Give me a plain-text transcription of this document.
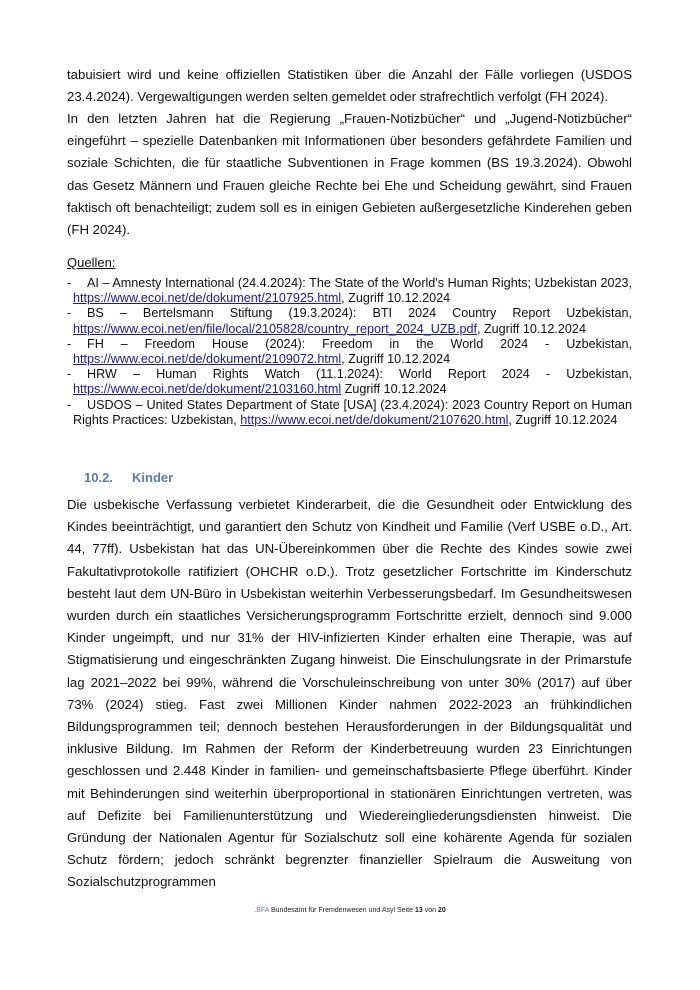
tabuisiert wird und keine offiziellen Statistiken über die Anzahl der Fälle vorliegen (USDOS 23.4.2024). Vergewaltigungen werden selten gemeldet oder strafrechtlich verfolgt (FH 2024).

In den letzten Jahren hat die Regierung „Frauen-Notizbücher“ und „Jugend-Notizbücher“ eingeführt – spezielle Datenbanken mit Informationen über besonders gefährdete Familien und soziale Schichten, die für staatliche Subventionen in Frage kommen (BS 19.3.2024). Obwohl das Gesetz Männern und Frauen gleiche Rechte bei Ehe und Scheidung gewährt, sind Frauen faktisch oft benachteiligt; zudem soll es in einigen Gebieten außergesetzliche Kinderehen geben (FH 2024).

Quellen:
- AI – Amnesty International (24.4.2024): The State of the World's Human Rights; Uzbekistan 2023, https://www.ecoi.net/de/dokument/2107925.html, Zugriff 10.12.2024
- BS – Bertelsmann Stiftung (19.3.2024): BTI 2024 Country Report Uzbekistan, https://www.ecoi.net/en/file/local/2105828/country_report_2024_UZB.pdf, Zugriff 10.12.2024
- FH – Freedom House (2024): Freedom in the World 2024 - Uzbekistan, https://www.ecoi.net/de/dokument/2109072.html, Zugriff 10.12.2024
- HRW – Human Rights Watch (11.1.2024): World Report 2024 - Uzbekistan, https://www.ecoi.net/de/dokument/2103160.html Zugriff 10.12.2024
- USDOS – United States Department of State [USA] (23.4.2024): 2023 Country Report on Human Rights Practices: Uzbekistan, https://www.ecoi.net/de/dokument/2107620.html, Zugriff 10.12.2024
10.2. Kinder

Die usbekische Verfassung verbietet Kinderarbeit, die die Gesundheit oder Entwicklung des Kindes beeinträchtigt, und garantiert den Schutz von Kindheit und Familie (Verf USBE o.D., Art. 44, 77ff). Usbekistan hat das UN-Übereinkommen über die Rechte des Kindes sowie zwei Fakultativprotokolle ratifiziert (OHCHR o.D.). Trotz gesetzlicher Fortschritte im Kinderschutz besteht laut dem UN-Büro in Usbekistan weiterhin Verbesserungsbedarf. Im Gesundheitswesen wurden durch ein staatliches Versicherungsprogramm Fortschritte erzielt, dennoch sind 9.000 Kinder ungeimpft, und nur 31% der HIV-infizierten Kinder erhalten eine Therapie, was auf Stigmatisierung und eingeschränkten Zugang hinweist. Die Einschulungsrate in der Primarstufe lag 2021–2022 bei 99%, während die Vorschuleinschreibung von unter 30% (2017) auf über 73% (2024) stieg. Fast zwei Millionen Kinder nahmen 2022-2023 an frühkindlichen Bildungsprogrammen teil; dennoch bestehen Herausforderungen in der Bildungsqualität und inklusive Bildung. Im Rahmen der Reform der Kinderbetreuung wurden 23 Einrichtungen geschlossen und 2.448 Kinder in familien- und gemeinschaftsbasierte Pflege überführt. Kinder mit Behinderungen sind weiterhin überproportional in stationären Einrichtungen vertreten, was auf Defizite bei Familienunterstützung und Wiedereingliederungsdiensten hinweist. Die Gründung der Nationalen Agentur für Sozialschutz soll eine kohärente Agenda für sozialen Schutz fördern; jedoch schränkt begrenzter finanzieller Spielraum die Ausweitung von Sozialschutzprogrammen

.BFA Bundesamt für Fremdenwesen und Asyl Seite 13 von 20
